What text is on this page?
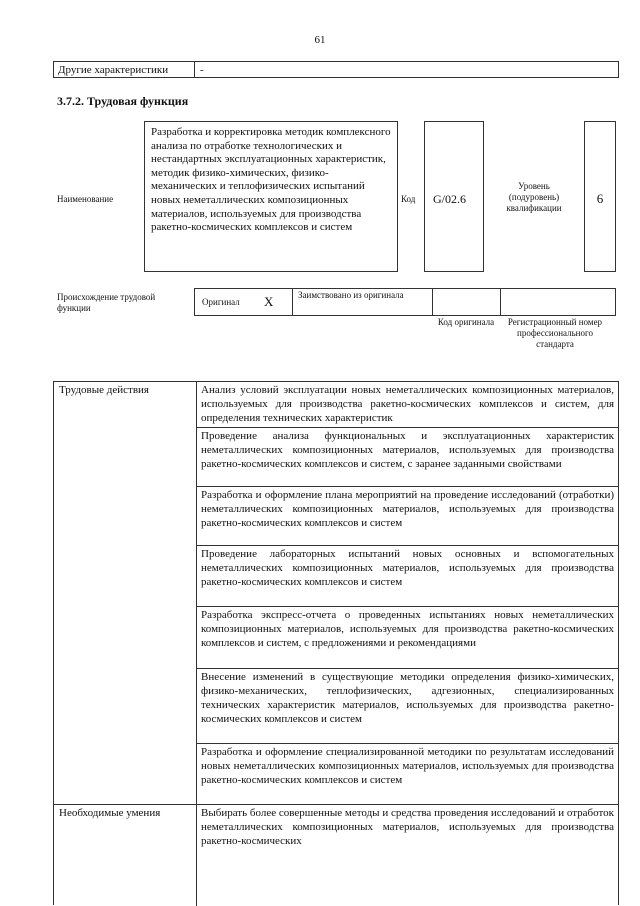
61
Другие характеристики	-
3.7.2. Трудовая функция
Наименование
Разработка и корректировка методик комплексного анализа по отработке технологических и нестандартных эксплуатационных характеристик, методик физико-химических, физико-механических и теплофизических испытаний новых неметаллических композиционных материалов, используемых для производства ракетно-космических комплексов и систем
Код G/02.6
Уровень (подуровень) квалификации
6
Происхождение трудовой функции
Оригинал X	Заимствовано из оригинала
Код оригинала Регистрационный номер профессионального стандарта
Трудовые действия
Необходимые умения
Анализ условий эксплуатации новых неметаллических композиционных материалов, используемых для производства ракетно-космических комплексов и систем, для определения технических характеристик
Проведение анализа функциональных и эксплуатационных характеристик неметаллических композиционных материалов, используемых для производства ракетно-космических комплексов и систем, с заранее заданными свойствами
Разработка и оформление плана мероприятий на проведение исследований (отработки) неметаллических композиционных материалов, используемых для производства ракетно-космических комплексов и систем
Проведение лабораторных испытаний новых основных и вспомогательных неметаллических композиционных материалов, используемых для производства ракетно-космических комплексов и систем
Разработка экспресс-отчета о проведенных испытаниях новых неметаллических композиционных материалов, используемых для производства ракетно-космических комплексов и систем, с предложениями и рекомендациями
Внесение изменений в существующие методики определения физико-химических, физико-механических, теплофизических, адгезионных, специализированных технических характеристик материалов, используемых для производства ракетно-космических комплексов и систем
Разработка и оформление специализированной методики по результатам исследований новых неметаллических композиционных материалов, используемых для производства ракетно-космических комплексов и систем
Выбирать более совершенные методы и средства проведения исследований и отработок неметаллических композиционных материалов, используемых для производства ракетно-космических
